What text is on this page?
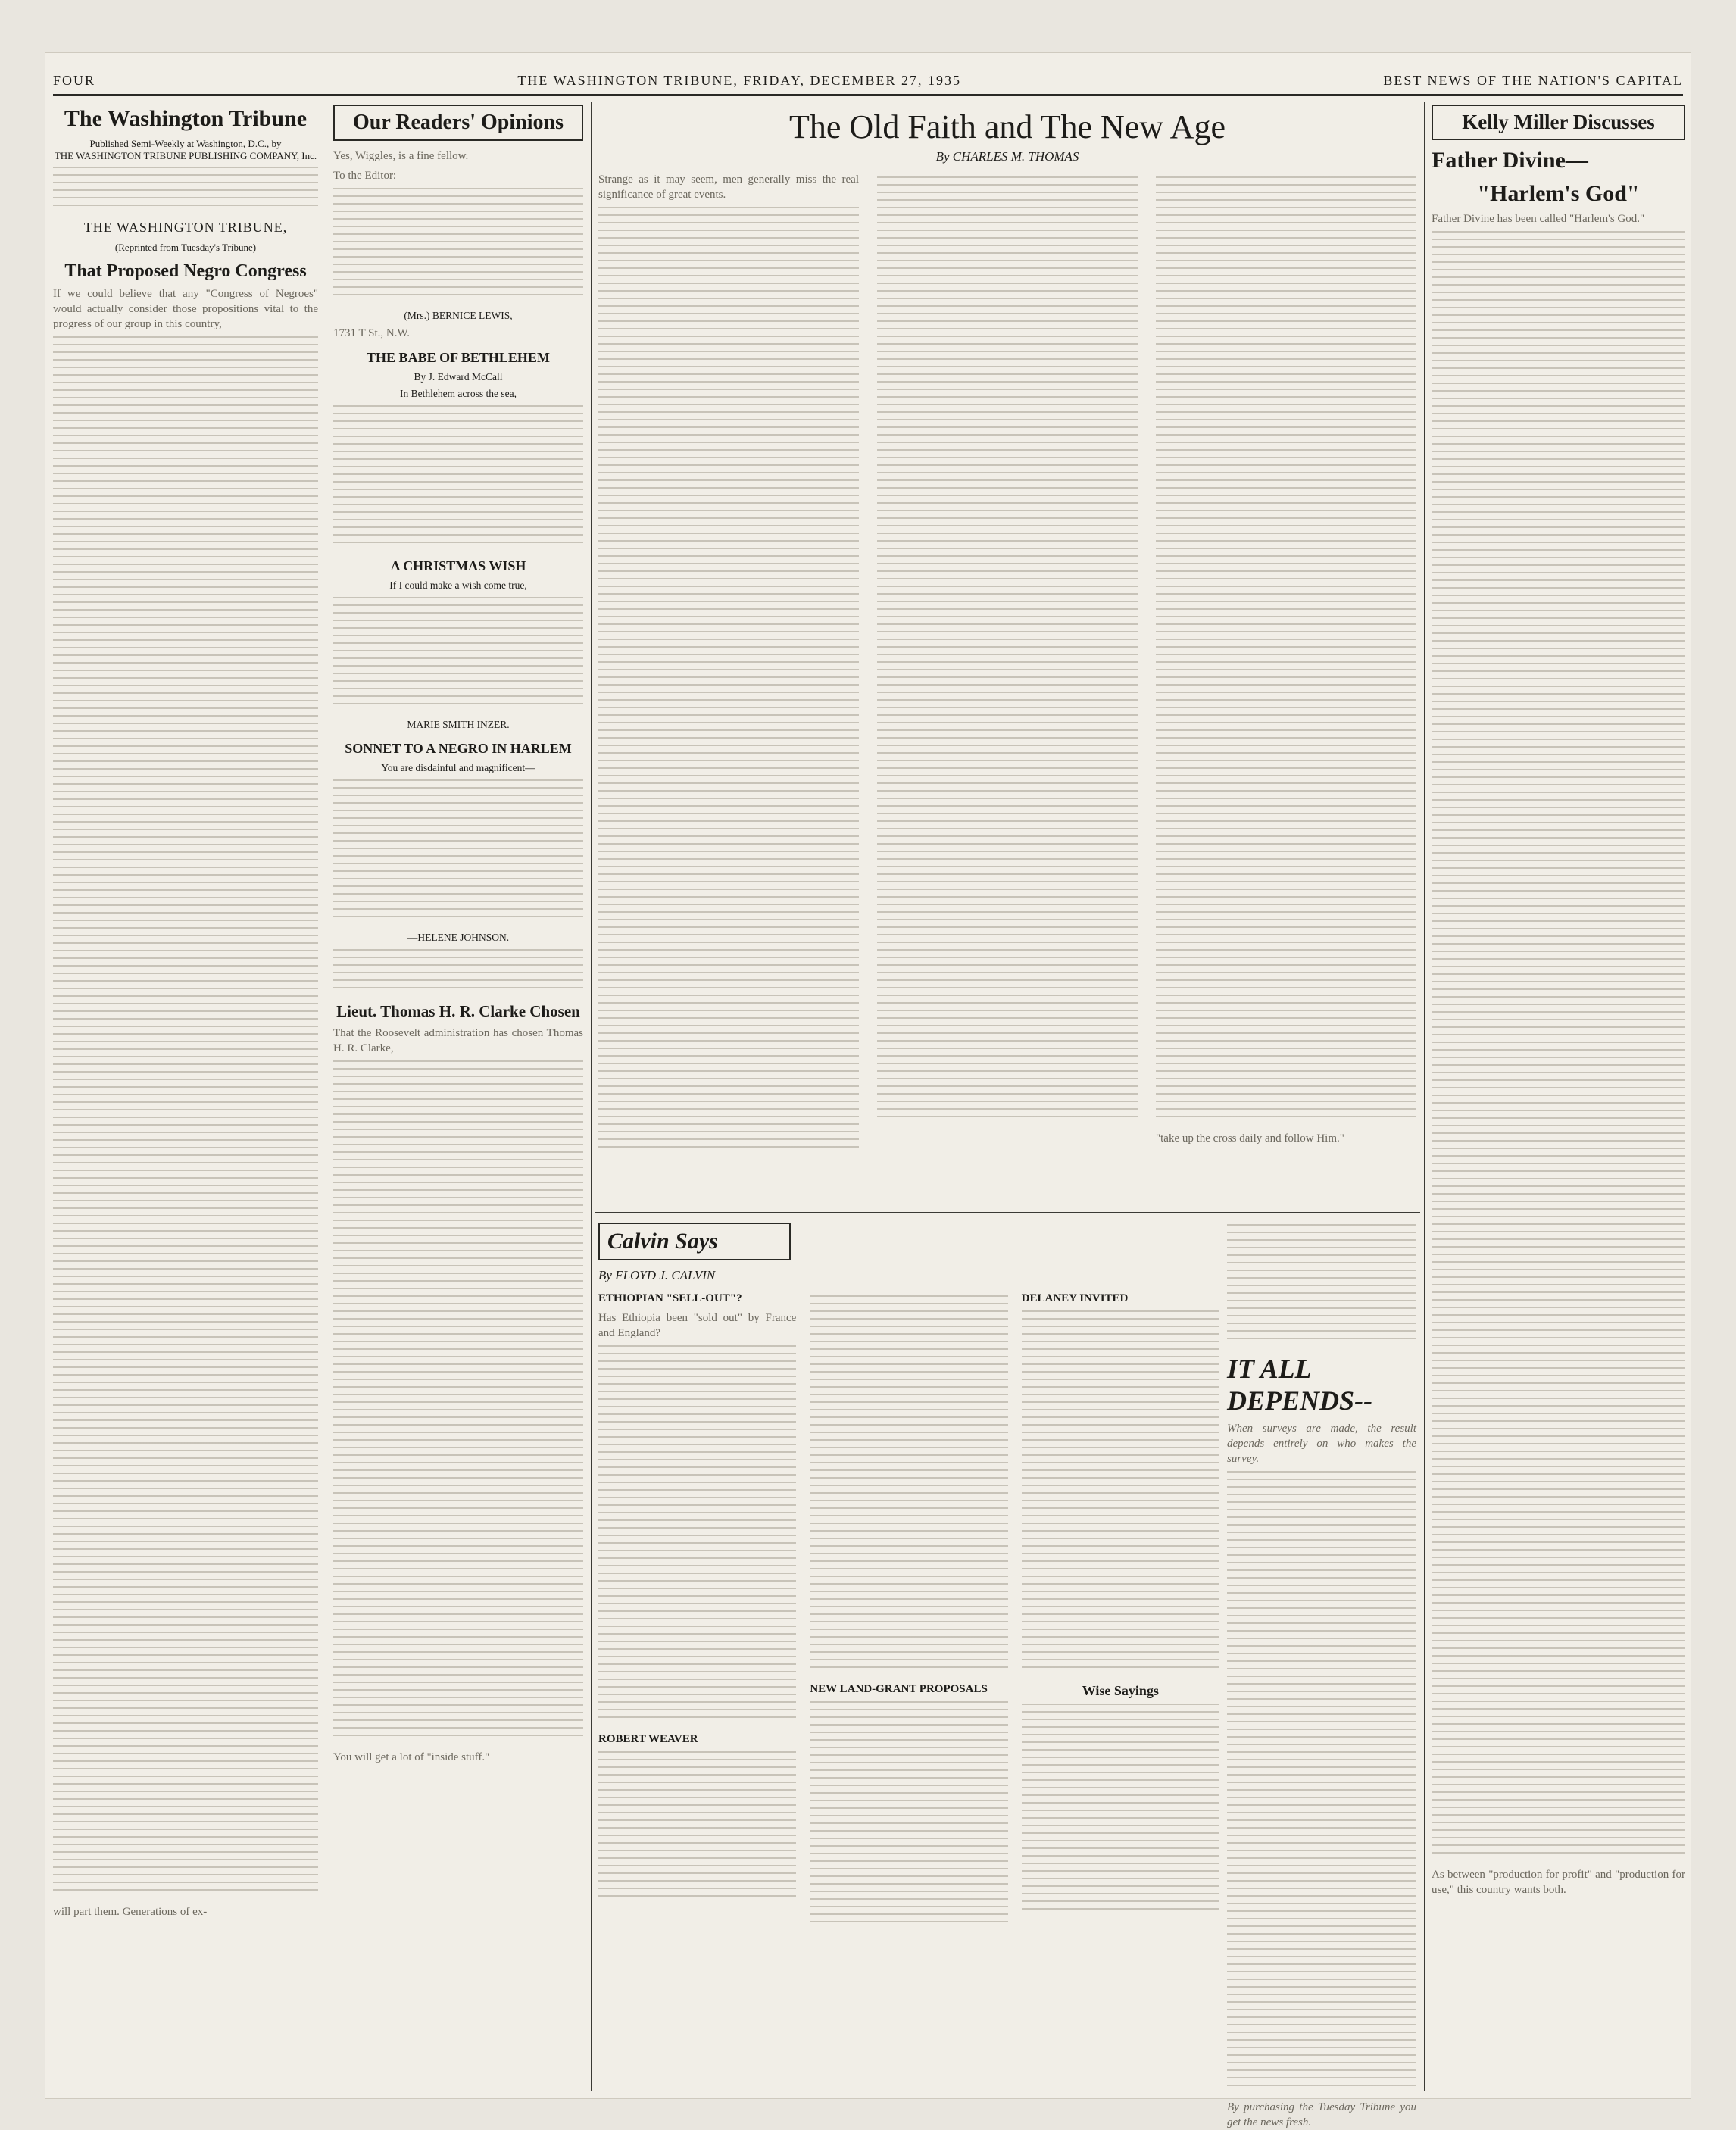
FOUR	THE WASHINGTON TRIBUNE, FRIDAY, DECEMBER 27, 1935	BEST NEWS OF THE NATION'S CAPITAL
The Washington Tribune
Published Semi-Weekly at Washington, D.C., by
THE WASHINGTON TRIBUNE PUBLISHING COMPANY, Inc.
THE WASHINGTON TRIBUNE,
(Reprinted from Tuesday's Tribune)
That Proposed Negro Congress

If we could believe that any "Congress of Negroes" would actually consider those propositions vital to the progress of our group in this country,

will part them. Generations of ex-

Our Readers' Opinions

Yes, Wiggles, is a fine fellow.

To the Editor:

(Mrs.) BERNICE LEWIS,

1731 T St., N.W.

THE BABE OF BETHLEHEM

By J. Edward McCall

In Bethlehem across the sea,

A CHRISTMAS WISH

If I could make a wish come true,

MARIE SMITH INZER.

SONNET TO A NEGRO IN HARLEM

You are disdainful and magnificent—

—HELENE JOHNSON.

Lieut. Thomas H. R. Clarke Chosen

That the Roosevelt administration has chosen Thomas H. R. Clarke,

You will get a lot of "inside stuff."

The Old Faith and The New Age
By CHARLES M. THOMAS

Strange as it may seem, men generally miss the real significance of great events.

"take up the cross daily and follow Him."

Calvin Says
By FLOYD J. CALVIN

ETHIOPIAN "SELL-OUT"?

Has Ethiopia been "sold out" by France and England?

ROBERT WEAVER

NEW LAND-GRANT PROPOSALS

DELANEY INVITED

Wise Sayings
IT ALL DEPENDS--

When surveys are made, the result depends entirely on who makes the survey.

By purchasing the Tuesday Tribune you get the news fresh.

Kelly Miller Discusses
Father Divine—
"Harlem's God"

Father Divine has been called "Harlem's God."

As between "production for profit" and "production for use," this country wants both.
